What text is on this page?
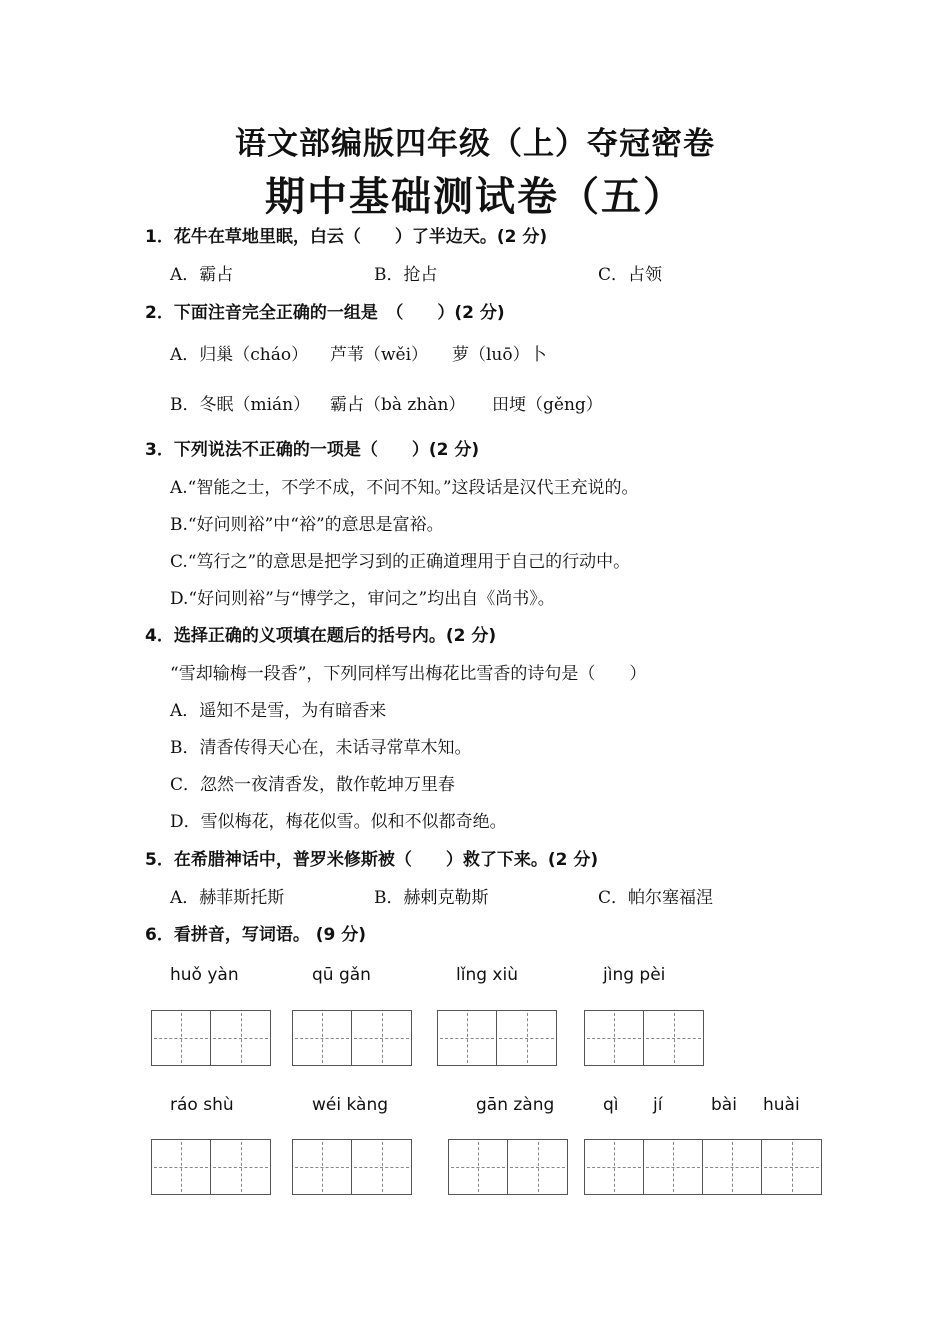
语文部编版四年级（上）夺冠密卷
期中基础测试卷（五）
1．花牛在草地里眠，白云（　　）了半边天。(2 分)
A．霸占	B．抢占	C．占领
2．下面注音完全正确的一组是　（　　）(2 分)
A．归巢（cháo） 芦苇（wěi） 萝（luō）卜
B．冬眠（mián） 霸占（bà zhàn） 田埂（gěng）
3．下列说法不正确的一项是（　　）(2 分)
A.“智能之士，不学不成，不问不知。”这段话是汉代王充说的。
B.“好问则裕”中“裕”的意思是富裕。
C.“笃行之”的意思是把学习到的正确道理用于自己的行动中。
D.“好问则裕”与“博学之，审问之”均出自《尚书》。
4．选择正确的义项填在题后的括号内。(2 分)
“雪却输梅一段香”，下列同样写出梅花比雪香的诗句是（　　）
A．遥知不是雪，为有暗香来
B．清香传得天心在，未话寻常草木知。
C．忽然一夜清香发，散作乾坤万里春
D．雪似梅花，梅花似雪。似和不似都奇绝。
5．在希腊神话中，普罗米修斯被（　　）救了下来。(2 分)
A．赫菲斯托斯	B．赫剌克勒斯	C．帕尔塞福涅
6．看拼音，写词语。 (9 分)
huǒ yàn	qū gǎn	lǐng xiù	jìng pèi
ráo shù	wéi kàng	gān zàng	qì jí	bài huài
